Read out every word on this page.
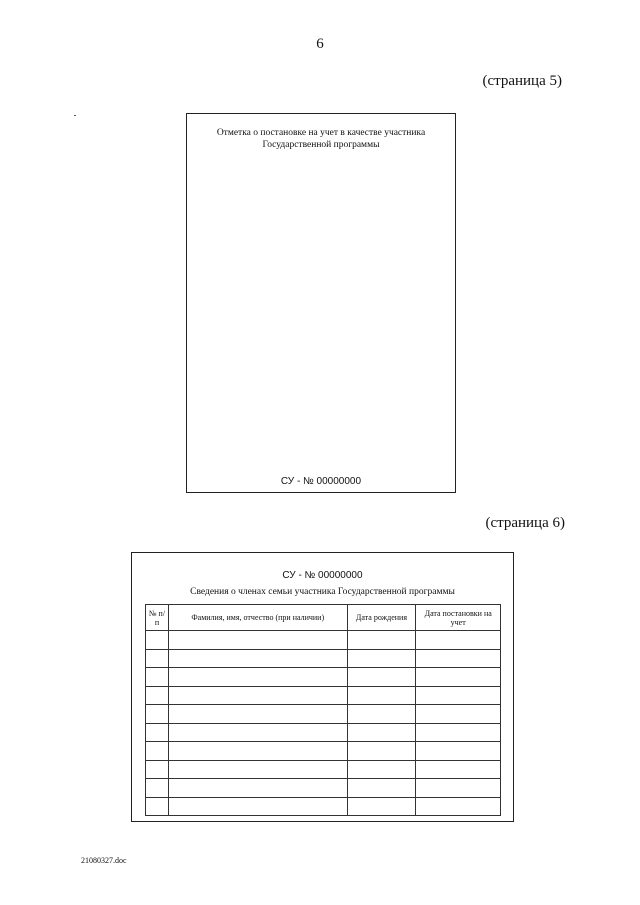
6
(страница 5)
Отметка о постановке на учет в качестве участника
Государственной программы
СУ - № 00000000
(страница 6)
СУ - № 00000000
Сведения о членах семьи участника Государственной программы
№ п/п	Фамилия, имя, отчество (при наличии)	Дата рождения	Дата постановки на учет

21080327.doc
